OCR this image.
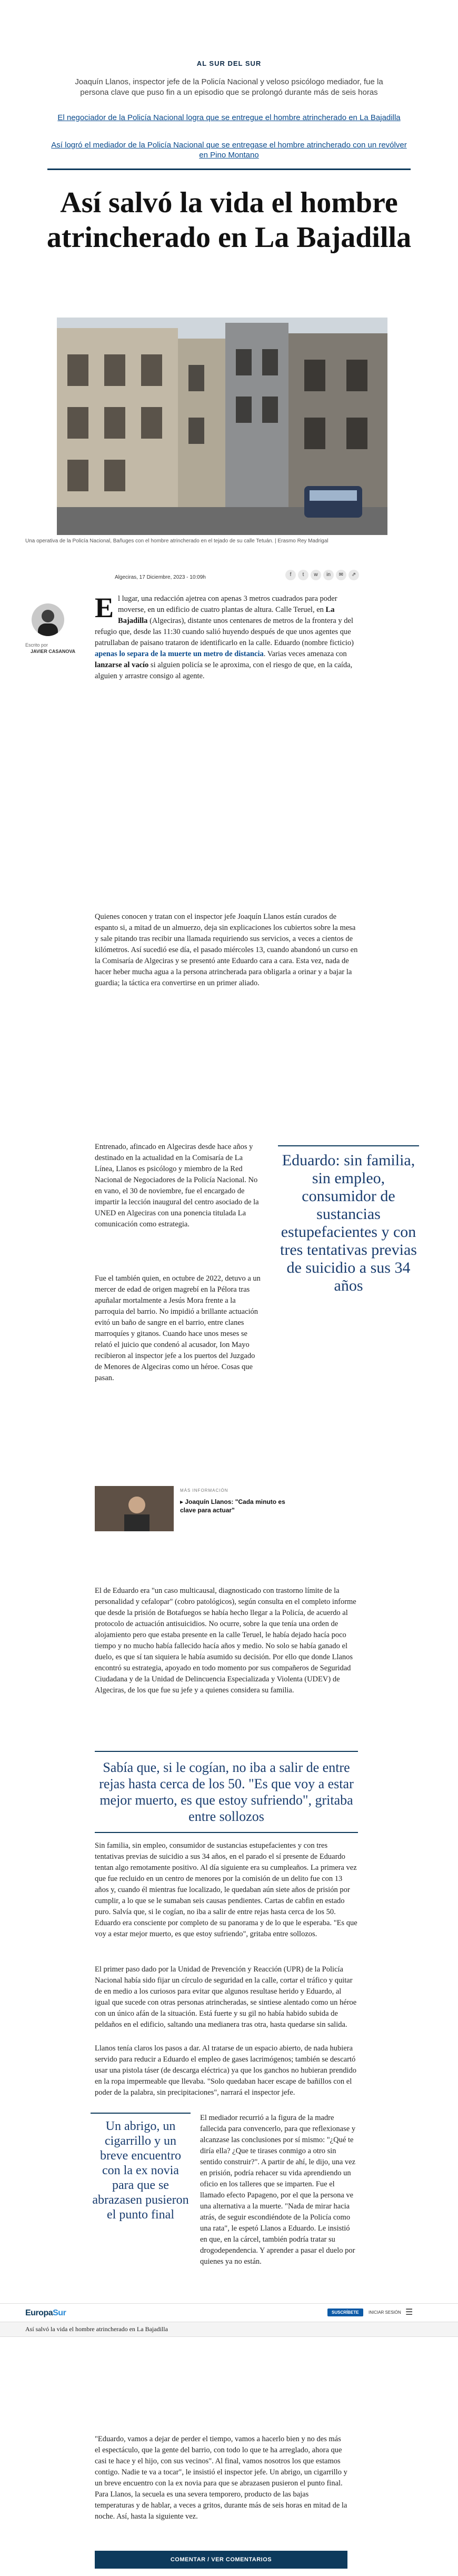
AL SUR DEL SUR
Joaquín Llanos, inspector jefe de la Policía Nacional y veloso psicólogo mediador, fue la persona clave que puso fin a un episodio que se prolongó durante más de seis horas
El negociador de la Policía Nacional logra que se entregue el hombre atrincherado en La Bajadilla
Así logró el mediador de la Policía Nacional que se entregase el hombre atrincherado con un revólver en Pino Montano
Así salvó la vida el hombre atrincherado en La Bajadilla
Una operativa de la Policía Nacional, Bañuges con el hombre atrincherado en el tejado de su calle Tetuán. | Erasmo Rey Madrigal
Algeciras, 17 Diciembre, 2023 - 10:09h	f	t	w	in	✉	⇗
Escrito por
JAVIER CASANOVA
El lugar, una redacción ajetrea con apenas 3 metros cuadrados para poder moverse, en un edificio de cuatro plantas de altura. Calle Teruel, en La Bajadilla (Algeciras), distante unos centenares de metros de la frontera y del refugio que, desde las 11:30 cuando salió huyendo después de que unos agentes que patrullaban de paisano trataron de identificarlo en la calle. Eduardo (nombre ficticio) apenas lo separa de la muerte un metro de distancia. Varias veces amenaza con lanzarse al vacío si alguien policía se le aproxima, con el riesgo de que, en la caída, alguien y arrastre consigo al agente.
Quienes conocen y tratan con el inspector jefe Joaquín Llanos están curados de espanto si, a mitad de un almuerzo, deja sin explicaciones los cubiertos sobre la mesa y sale pitando tras recibir una llamada requiriendo sus servicios, a veces a cientos de kilómetros. Así sucedió ese día, el pasado miércoles 13, cuando abandonó un curso en la Comisaría de Algeciras y se presentó ante Eduardo cara a cara. Esta vez, nada de hacer heber mucha agua a la persona atrincherada para obligarla a orinar y a bajar la guardia; la táctica era convertirse en un primer aliado.
Entrenado, afincado en Algeciras desde hace años y destinado en la actualidad en la Comisaría de La Línea, Llanos es psicólogo y miembro de la Red Nacional de Negociadores de la Policía Nacional. No en vano, el 30 de noviembre, fue el encargado de impartir la lección inaugural del centro asociado de la UNED en Algeciras con una ponencia titulada La comunicación como estrategia.
Fue el también quien, en octubre de 2022, detuvo a un mercer de edad de origen magrebí en la Pélora tras apuñalar mortalmente a Jesús Mora frente a la parroquia del barrio. No impidió a brillante actuación evitó un baño de sangre en el barrio, entre clanes marroquíes y gitanos. Cuando hace unos meses se relató el juicio que condenó al acusador, Ion Mayo recibieron al inspector jefe a los puertos del Juzgado de Menores de Algeciras como un héroe. Cosas que pasan.
Eduardo: sin familia, sin empleo, consumidor de sustancias estupefacientes y con tres tentativas previas de suicidio a sus 34 años
MÁS INFORMACIÓN
▸ Joaquín Llanos: "Cada minuto es clave para actuar"
El de Eduardo era "un caso multicausal, diagnosticado con trastorno límite de la personalidad y cefalopar" (cobro patológicos), según consulta en el completo informe que desde la prisión de Botafuegos se había hecho llegar a la Policía, de acuerdo al protocolo de actuación antisuicidios. No ocurre, sobre la que tenía una orden de alojamiento pero que estaba presente en la calle Teruel, le había dejado hacía poco tiempo y no mucho había fallecido hacía años y medio. No solo se había ganado el duelo, es que sí tan siquiera le había asumido su decisión. Por ello que donde Llanos encontró su estrategia, apoyado en todo momento por sus compañeros de Seguridad Ciudadana y de la Unidad de Delincuencia Especializada y Violenta (UDEV) de Algeciras, de los que fue su jefe y a quienes considera su familia.
Sabía que, si le cogían, no iba a salir de entre rejas hasta cerca de los 50. "Es que voy a estar mejor muerto, es que estoy sufriendo", gritaba entre sollozos
Sin familia, sin empleo, consumidor de sustancias estupefacientes y con tres tentativas previas de suicidio a sus 34 años, en el parado el sí presente de Eduardo tentan algo remotamente positivo. Al día siguiente era su cumpleaños. La primera vez que fue recluido en un centro de menores por la comisión de un delito fue con 13 años y, cuando él mientras fue localizado, le quedaban aún siete años de prisión por cumplir, a lo que se le sumaban seis causas pendientes. Cartas de cabfin en estado puro. Salvía que, si le cogían, no iba a salir de entre rejas hasta cerca de los 50. Eduardo era consciente por completo de su panorama y de lo que le esperaba. "Es que voy a estar mejor muerto, es que estoy sufriendo", gritaba entre sollozos.
El primer paso dado por la Unidad de Prevención y Reacción (UPR) de la Policía Nacional había sido fijar un círculo de seguridad en la calle, cortar el tráfico y quitar de en medio a los curiosos para evitar que algunos resultase herido y Eduardo, al igual que sucede con otras personas atrincheradas, se sintiese alentado como un héroe con un único afán de la situación. Está fuerte y su gil no había habido subida de peldaños en el edificio, saltando una medianera tras otra, hasta quedarse sin salida.
Llanos tenía claros los pasos a dar. Al tratarse de un espacio abierto, de nada hubiera servido para reducir a Eduardo el empleo de gases lacrimógenos; también se descartó usar una pistola táser (de descarga eléctrica) ya que los ganchos no hubieran prendido en la ropa impermeable que llevaba. "Solo quedaban hacer escape de bañillos con el poder de la palabra, sin precipitaciones", narrará el inspector jefe.
Un abrigo, un cigarrillo y un breve encuentro con la ex novia para que se abrazasen pusieron el punto final
El mediador recurrió a la figura de la madre fallecida para convencerlo, para que reflexionase y alcanzase las conclusiones por sí mismo: "¿Qué te diría ella? ¿Que te tirases conmigo a otro sin sentido construir?". A partir de ahí, le dijo, una vez en prisión, podría rehacer su vida aprendiendo un oficio en los talleres que se imparten. Fue el llamado efecto Papageno, por el que la persona ve una alternativa a la muerte. "Nada de mirar hacia atrás, de seguir escondiéndote de la Policía como una rata", le espetó Llanos a Eduardo. Le insistió en que, en la cárcel, también podría tratar su drogodependencia. Y aprender a pasar el duelo por quienes ya no están.
EuropaSur	SUSCRÍBETE	INICIAR SESIÓN ☰
Así salvó la vida el hombre atrincherado en La Bajadilla
"Eduardo, vamos a dejar de perder el tiempo, vamos a hacerlo bien y no des más el espectáculo, que la gente del barrio, con todo lo que te ha arreglado, ahora que casi te hace y el hijo, con sus vecinos". Al final, vamos nosotros los que estamos contigo. Nadie te va a tocar", le insistió el inspector jefe. Un abrigo, un cigarrillo y un breve encuentro con la ex novia para que se abrazasen pusieron el punto final. Para Llanos, la secuela es una severa temporero, producto de las bajas temperaturas y de hablar, a veces a gritos, durante más de seis horas en mitad de la noche. Así, hasta la siguiente vez.
COMENTAR / VER COMENTARIOS
